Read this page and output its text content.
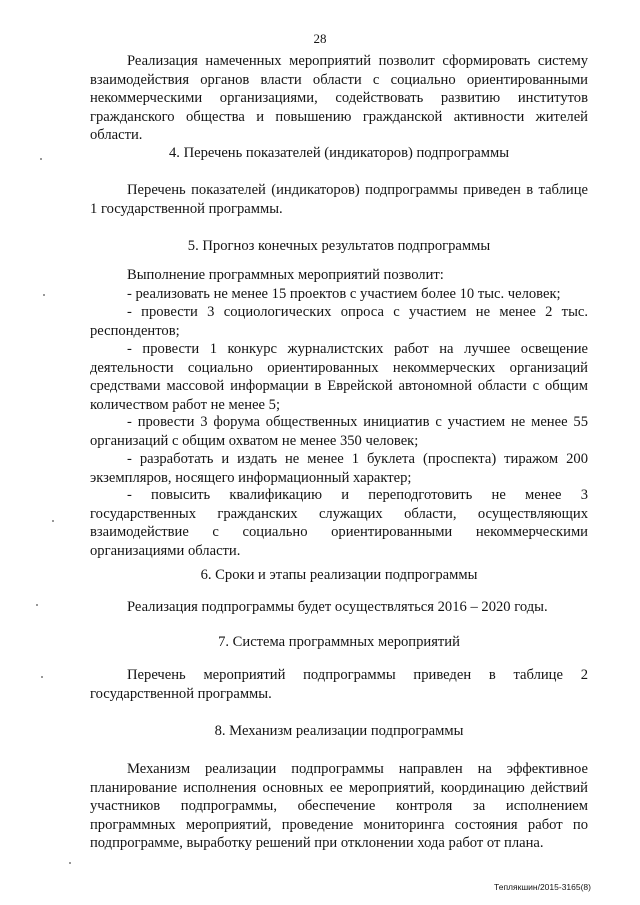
28

Реализация намеченных мероприятий позволит сформировать систему взаимодействия органов власти области с социально ориентированными некоммерческими организациями, содействовать развитию институтов гражданского общества и повышению гражданской активности жителей области.

4. Перечень показателей (индикаторов) подпрограммы

Перечень показателей (индикаторов) подпрограммы приведен в таблице 1 государственной программы.

5. Прогноз конечных результатов подпрограммы

Выполнение программных мероприятий позволит:

- реализовать не менее 15 проектов с участием более 10 тыс. человек;

- провести 3 социологических опроса с участием не менее 2 тыс. респондентов;

- провести 1 конкурс журналистских работ на лучшее освещение деятельности социально ориентированных некоммерческих организаций средствами массовой информации в Еврейской автономной области с общим количеством работ не менее 5;

- провести 3 форума общественных инициатив с участием не менее 55 организаций с общим охватом не менее 350 человек;

- разработать и издать не менее 1 буклета (проспекта) тиражом 200 экземпляров, носящего информационный характер;

- повысить квалификацию и переподготовить не менее 3 государственных гражданских служащих области, осуществляющих взаимодействие с социально ориентированными некоммерческими организациями области.

6. Сроки и этапы реализации подпрограммы

Реализация подпрограммы будет осуществляться 2016 – 2020 годы.

7. Система программных мероприятий

Перечень мероприятий подпрограммы приведен в таблице 2 государственной программы.

8. Механизм реализации подпрограммы

Механизм реализации подпрограммы направлен на эффективное планирование исполнения основных ее мероприятий, координацию действий участников подпрограммы, обеспечение контроля за исполнением программных мероприятий, проведение мониторинга состояния работ по подпрограмме, выработку решений при отклонении хода работ от плана.

Теплякшин/2015-3165(8)
